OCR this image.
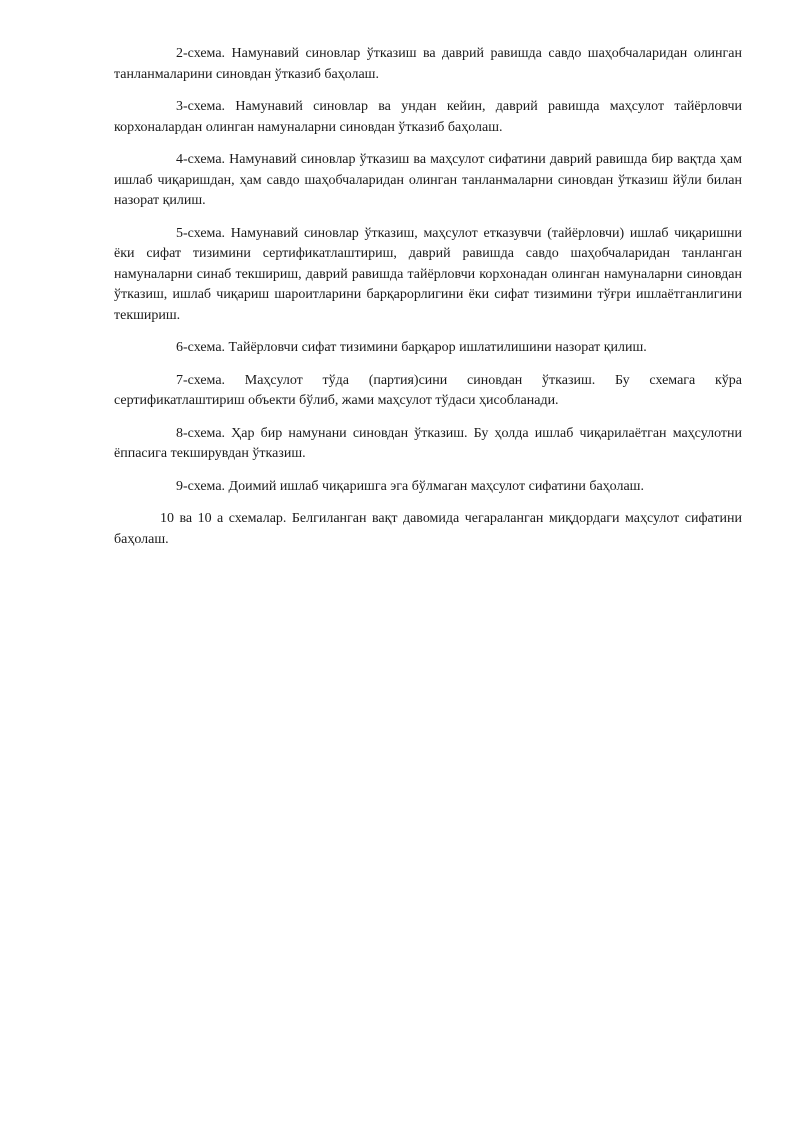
2-схема. Намунавий синовлар ўтказиш ва даврий равишда савдо шаҳобчаларидан олинган танланмаларини синовдан ўтказиб баҳолаш.

3-схема. Намунавий синовлар ва ундан кейин, даврий равишда маҳсулот тайёрловчи корхоналардан олинган намуналарни синовдан ўтказиб баҳолаш.

4-схема. Намунавий синовлар ўтказиш ва маҳсулот сифатини даврий равишда бир вақтда ҳам ишлаб чиқаришдан, ҳам савдо шаҳобчаларидан олинган танланмаларни синовдан ўтказиш йўли билан назорат қилиш.

5-схема. Намунавий синовлар ўтказиш, маҳсулот етказувчи (тайёрловчи) ишлаб чиқаришни ёки сифат тизимини сертификатлаштириш, даврий равишда савдо шаҳобчаларидан танланган намуналарни синаб текшириш, даврий равишда тайёрловчи корхонадан олинган намуналарни синовдан ўтказиш, ишлаб чиқариш шароитларини барқарорлигини ёки сифат тизимини тўғри ишлаётганлигини текшириш.

6-схема. Тайёрловчи сифат тизимини барқарор ишлатилишини назорат қилиш.

7-схема. Маҳсулот тўда (партия)сини синовдан ўтказиш. Бу схемага кўра сертификатлаштириш объекти бўлиб, жами маҳсулот тўдаси ҳисобланади.

8-схема. Ҳар бир намунани синовдан ўтказиш. Бу ҳолда ишлаб чиқарилаётган маҳсулотни ёппасига текширувдан ўтказиш.

9-схема. Доимий ишлаб чиқаришга эга бўлмаган маҳсулот сифатини баҳолаш.

10 ва 10 а схемалар. Белгиланган вақт давомида чегараланган миқдордаги маҳсулот сифатини баҳолаш.
